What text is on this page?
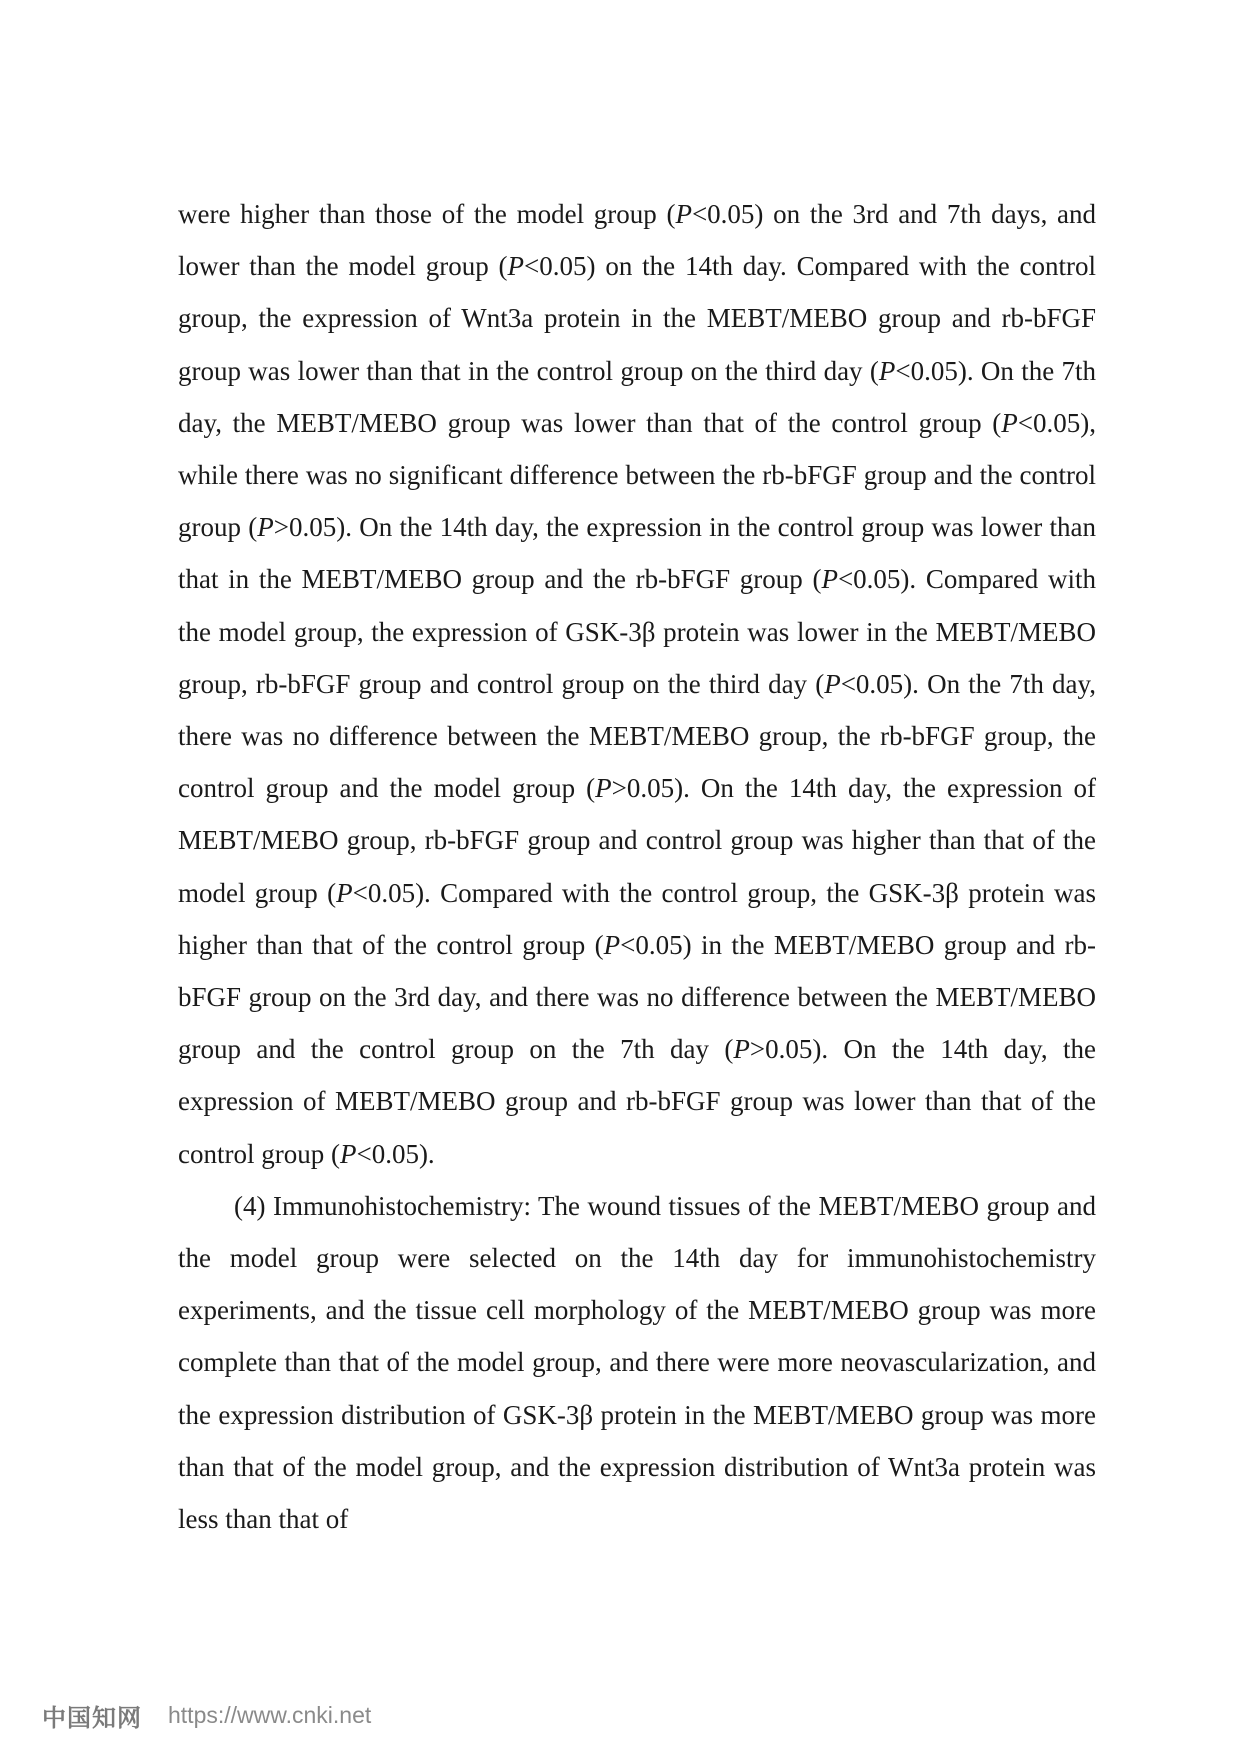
were higher than those of the model group (P<0.05) on the 3rd and 7th days, and lower than the model group (P<0.05) on the 14th day. Compared with the control group, the expression of Wnt3a protein in the MEBT/MEBO group and rb-bFGF group was lower than that in the control group on the third day (P<0.05). On the 7th day, the MEBT/MEBO group was lower than that of the control group (P<0.05), while there was no significant difference between the rb-bFGF group and the control group (P>0.05). On the 14th day, the expression in the control group was lower than that in the MEBT/MEBO group and the rb-bFGF group (P<0.05). Compared with the model group, the expression of GSK-3β protein was lower in the MEBT/MEBO group, rb-bFGF group and control group on the third day (P<0.05). On the 7th day, there was no difference between the MEBT/MEBO group, the rb-bFGF group, the control group and the model group (P>0.05). On the 14th day, the expression of MEBT/MEBO group, rb-bFGF group and control group was higher than that of the model group (P<0.05). Compared with the control group, the GSK-3β protein was higher than that of the control group (P<0.05) in the MEBT/MEBO group and rb-bFGF group on the 3rd day, and there was no difference between the MEBT/MEBO group and the control group on the 7th day (P>0.05). On the 14th day, the expression of MEBT/MEBO group and rb-bFGF group was lower than that of the control group (P<0.05).

(4) Immunohistochemistry: The wound tissues of the MEBT/MEBO group and the model group were selected on the 14th day for immunohistochemistry experiments, and the tissue cell morphology of the MEBT/MEBO group was more complete than that of the model group, and there were more neovascularization, and the expression distribution of GSK-3β protein in the MEBT/MEBO group was more than that of the model group, and the expression distribution of Wnt3a protein was less than that of

中国知网 https://www.cnki.net
